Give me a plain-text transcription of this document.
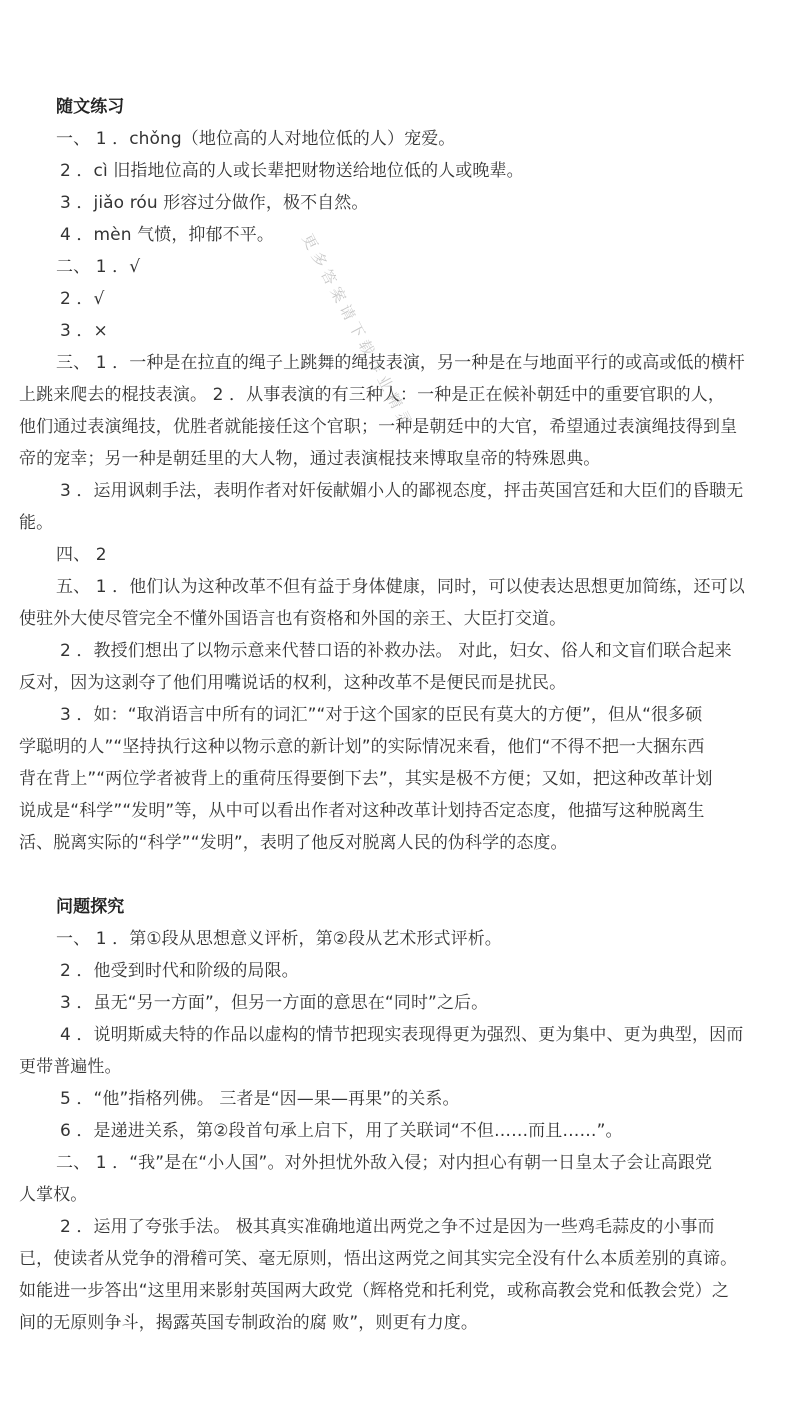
随文练习
一、 1 ．chǒng（地位高的人对地位低的人）宠爱。
2 ．cì 旧指地位高的人或长辈把财物送给地位低的人或晚辈。
3 ．jiǎo róu 形容过分做作，极不自然。
4 ．mèn 气愤，抑郁不平。
二、 1 ．√
2 ．√
3 ．×
三、 1 ．一种是在拉直的绳子上跳舞的绳技表演，另一种是在与地面平行的或高或低的横杆
上跳来爬去的棍技表演。 2 ．从事表演的有三种人：一种是正在候补朝廷中的重要官职的人，
他们通过表演绳技，优胜者就能接任这个官职；一种是朝廷中的大官，希望通过表演绳技得到皇
帝的宠幸；另一种是朝廷里的大人物，通过表演棍技来博取皇帝的特殊恩典。
3 ．运用讽刺手法，表明作者对奸佞献媚小人的鄙视态度，抨击英国宫廷和大臣们的昏聩无
能。
四、 2
五、 1 ．他们认为这种改革不但有益于身体健康，同时，可以使表达思想更加简练，还可以
使驻外大使尽管完全不懂外国语言也有资格和外国的亲王、大臣打交道。
2 ．教授们想出了以物示意来代替口语的补救办法。 对此，妇女、俗人和文盲们联合起来
反对，因为这剥夺了他们用嘴说话的权利，这种改革不是便民而是扰民。
3 ．如：“取消语言中所有的词汇”“对于这个国家的臣民有莫大的方便”，但从“很多硕
学聪明的人”“坚持执行这种以物示意的新计划”的实际情况来看，他们“不得不把一大捆东西
背在背上”“两位学者被背上的重荷压得要倒下去”，其实是极不方便；又如，把这种改革计划
说成是“科学”“发明”等，从中可以看出作者对这种改革计划持否定态度，他描写这种脱离生
活、脱离实际的“科学”“发明”，表明了他反对脱离人民的伪科学的态度。
问题探究
一、 1 ．第①段从思想意义评析，第②段从艺术形式评析。
2 ．他受到时代和阶级的局限。
3 ．虽无“另一方面”，但另一方面的意思在“同时”之后。
4 ．说明斯威夫特的作品以虚构的情节把现实表现得更为强烈、更为集中、更为典型，因而
更带普遍性。
5 ．“他”指格列佛。 三者是“因—果—再果”的关系。
6 ．是递进关系，第②段首句承上启下，用了关联词“不但……而且……”。
二、 1 ．“我”是在“小人国”。对外担忧外敌入侵；对内担心有朝一日皇太子会让高跟党
人掌权。
2 ．运用了夸张手法。 极其真实准确地道出两党之争不过是因为一些鸡毛蒜皮的小事而
已，使读者从党争的滑稽可笑、毫无原则，悟出这两党之间其实完全没有什么本质差别的真谛。
如能进一步答出“这里用来影射英国两大政党（辉格党和托利党，或称高教会党和低教会党）之
间的无原则争斗，揭露英国专制政治的腐 败”，则更有力度。
更多答案请下载作业精灵
